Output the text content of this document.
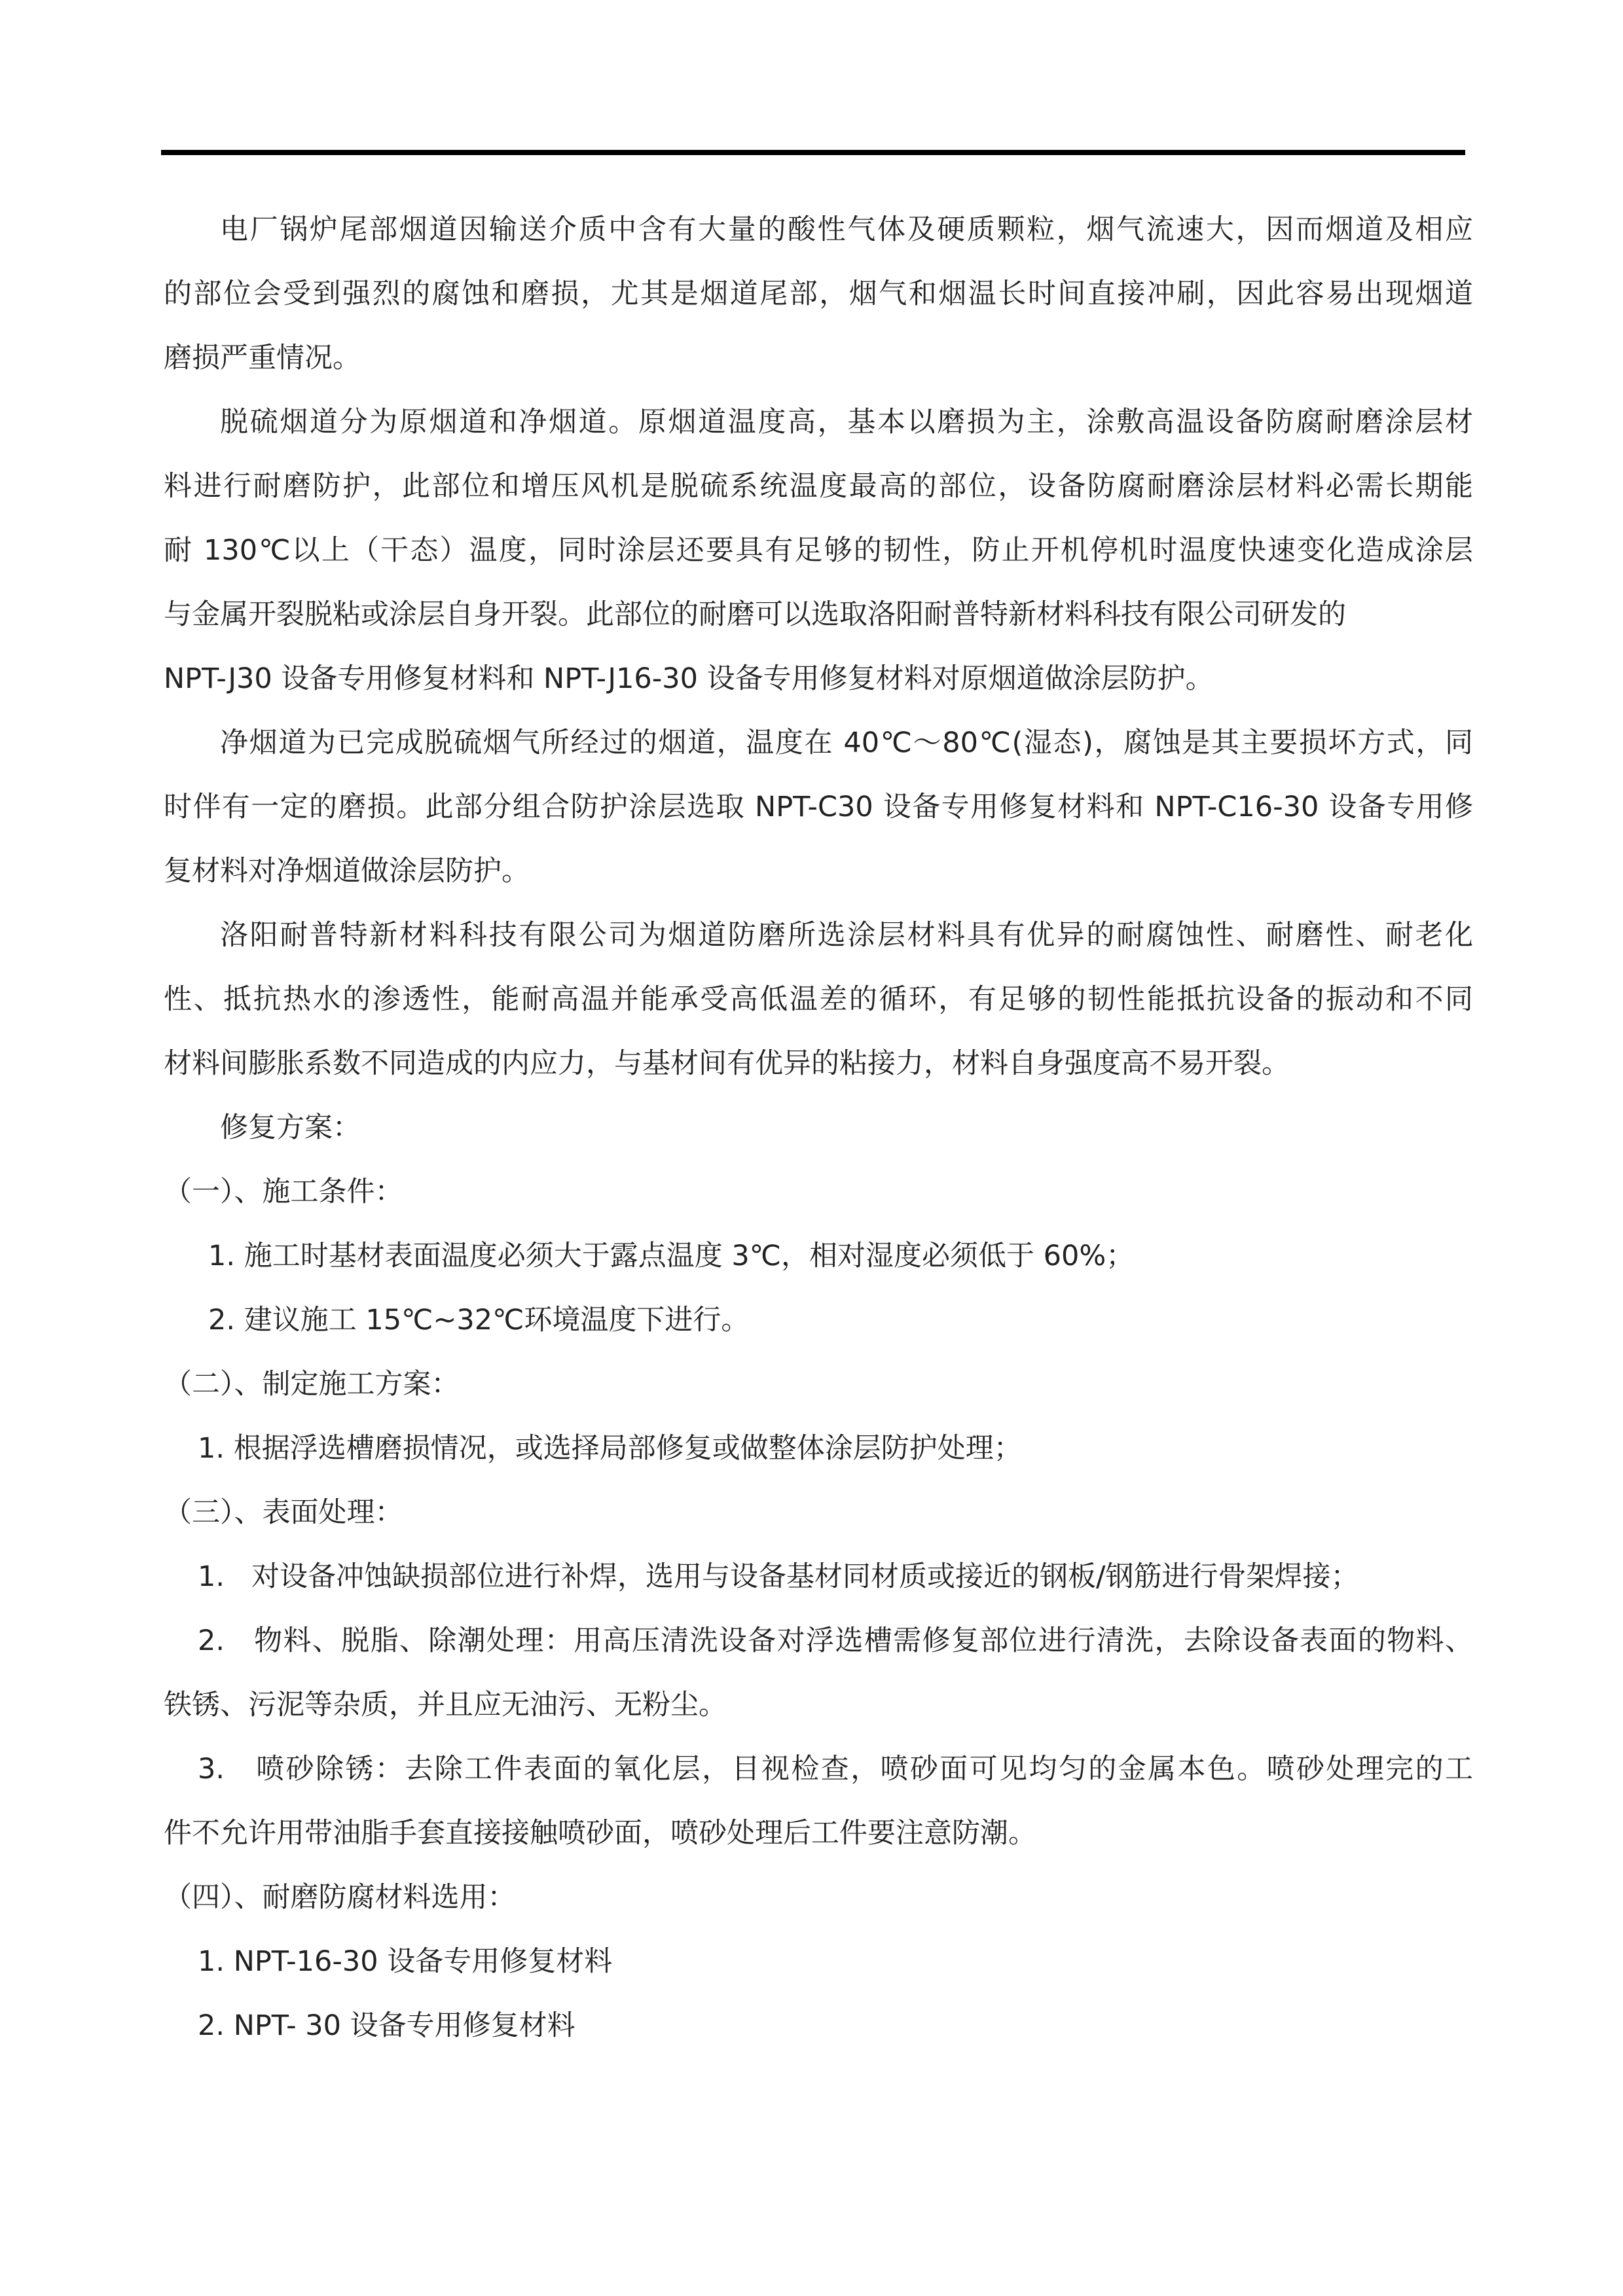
电厂锅炉尾部烟道因输送介质中含有大量的酸性气体及硬质颗粒，烟气流速大，因而烟道及相应
的部位会受到强烈的腐蚀和磨损，尤其是烟道尾部，烟气和烟温长时间直接冲刷，因此容易出现烟道
磨损严重情况。
脱硫烟道分为原烟道和净烟道。原烟道温度高，基本以磨损为主，涂敷高温设备防腐耐磨涂层材
料进行耐磨防护，此部位和增压风机是脱硫系统温度最高的部位，设备防腐耐磨涂层材料必需长期能
耐 130℃以上（干态）温度，同时涂层还要具有足够的韧性，防止开机停机时温度快速变化造成涂层
与金属开裂脱粘或涂层自身开裂。此部位的耐磨可以选取洛阳耐普特新材料科技有限公司研发的
NPT-J30 设备专用修复材料和 NPT-J16-30 设备专用修复材料对原烟道做涂层防护。
净烟道为已完成脱硫烟气所经过的烟道，温度在 40℃～80℃(湿态)，腐蚀是其主要损坏方式，同
时伴有一定的磨损。此部分组合防护涂层选取 NPT-C30 设备专用修复材料和 NPT-C16-30 设备专用修
复材料对净烟道做涂层防护。
洛阳耐普特新材料科技有限公司为烟道防磨所选涂层材料具有优异的耐腐蚀性、耐磨性、耐老化
性、抵抗热水的渗透性，能耐高温并能承受高低温差的循环，有足够的韧性能抵抗设备的振动和不同
材料间膨胀系数不同造成的内应力，与基材间有优异的粘接力，材料自身强度高不易开裂。
修复方案：
（一）、施工条件：
1. 施工时基材表面温度必须大于露点温度 3℃，相对湿度必须低于 60%；
2. 建议施工 15℃~32℃环境温度下进行。
（二）、制定施工方案：
1. 根据浮选槽磨损情况，或选择局部修复或做整体涂层防护处理；
（三）、表面处理：
1.   对设备冲蚀缺损部位进行补焊，选用与设备基材同材质或接近的钢板/钢筋进行骨架焊接；
2.   物料、脱脂、除潮处理：用高压清洗设备对浮选槽需修复部位进行清洗，去除设备表面的物料、
铁锈、污泥等杂质，并且应无油污、无粉尘。
3.   喷砂除锈：去除工件表面的氧化层，目视检查，喷砂面可见均匀的金属本色。喷砂处理完的工
件不允许用带油脂手套直接接触喷砂面，喷砂处理后工件要注意防潮。
（四）、耐磨防腐材料选用：
1. NPT-16-30 设备专用修复材料
2. NPT- 30 设备专用修复材料
